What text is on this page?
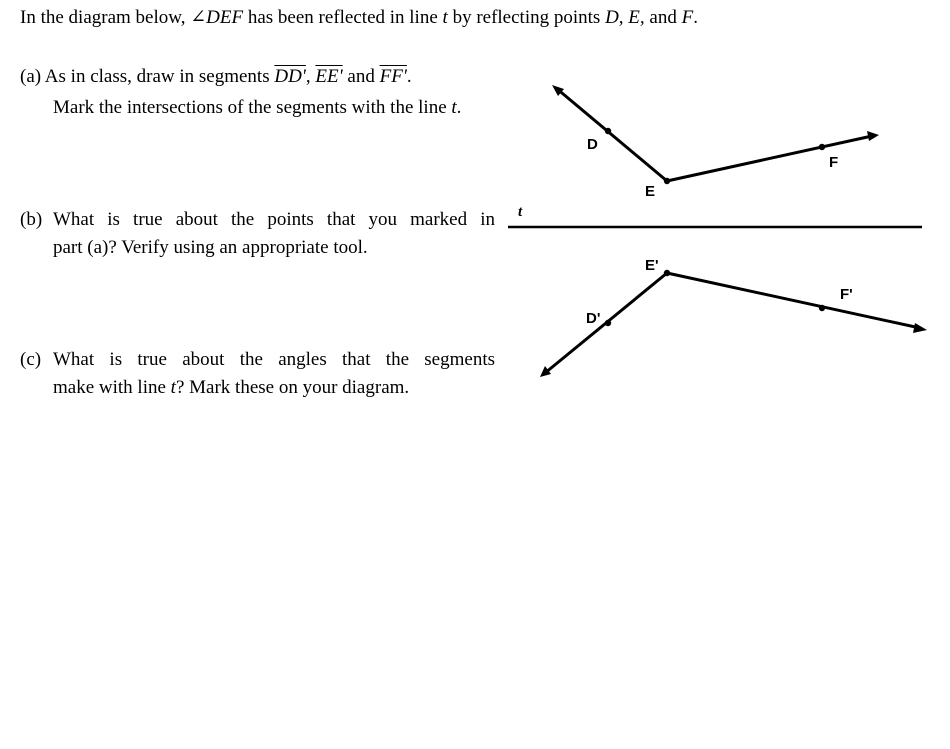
In the diagram below, ∠DEF has been reflected in line t by reflecting points D, E, and F.
(a) As in class, draw in segments DD', EE' and FF'.
Mark the intersections of the segments with the line t.
(b) What is true about the points that you marked in
part (a)? Verify using an appropriate tool.
(c) What is true about the angles that the segments
make with line t? Mark these on your diagram.
D
E
F
E'
F'
D'
t
